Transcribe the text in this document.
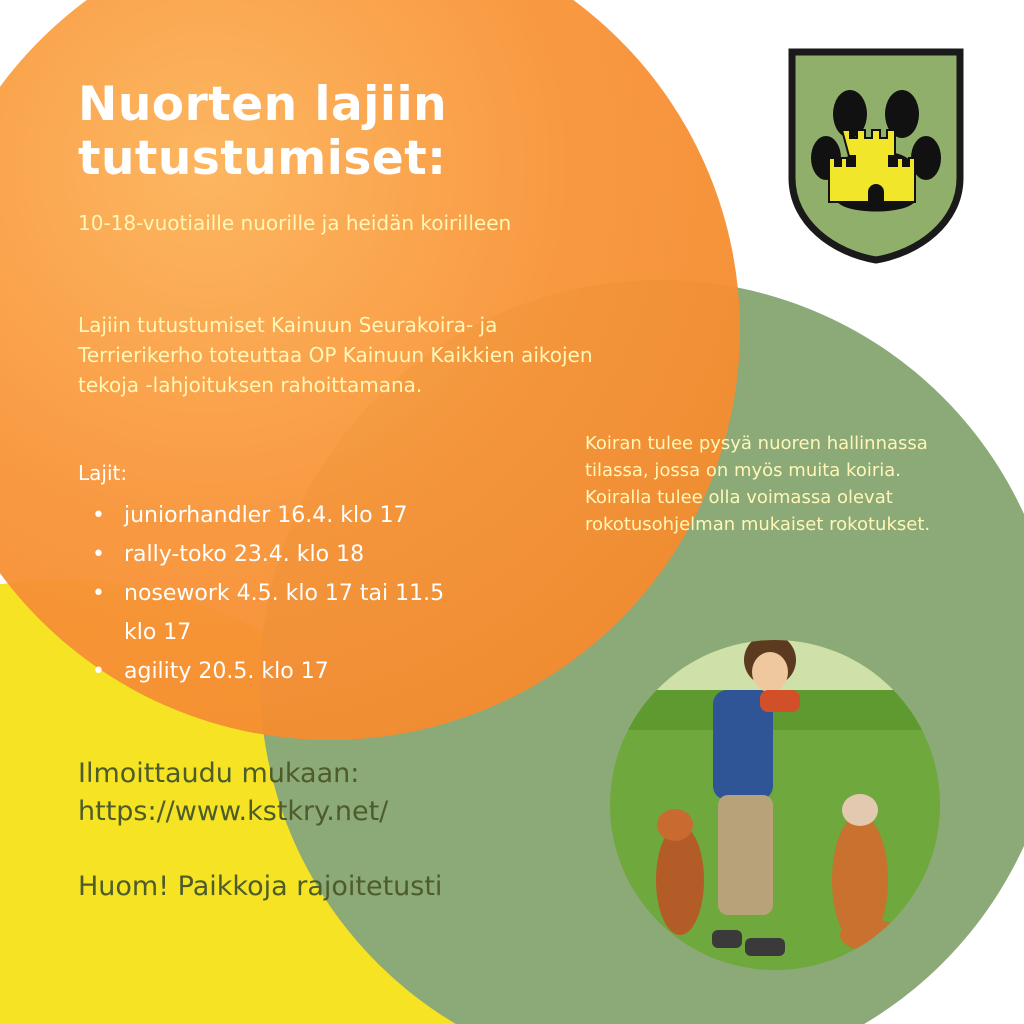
Nuorten lajiin
tutustumiset:
10-18-vuotiaille nuorille ja heidän koirilleen
Lajiin tutustumiset Kainuun Seurakoira- ja Terrierikerho toteuttaa OP Kainuun Kaikkien aikojen tekoja -lahjoituksen rahoittamana.
Lajit:
• juniorhandler 16.4. klo 17
• rally-toko 23.4. klo 18
• nosework 4.5. klo 17 tai 11.5 klo 17
• agility 20.5. klo 17

Koiran tulee pysyä nuoren hallinnassa tilassa, jossa on myös muita koiria.

Koiralla tulee olla voimassa olevat rokotusohjelman mukaiset rokotukset.

Ilmoittaudu mukaan:
https://www.kstkry.net/
Huom! Paikkoja rajoitetusti
